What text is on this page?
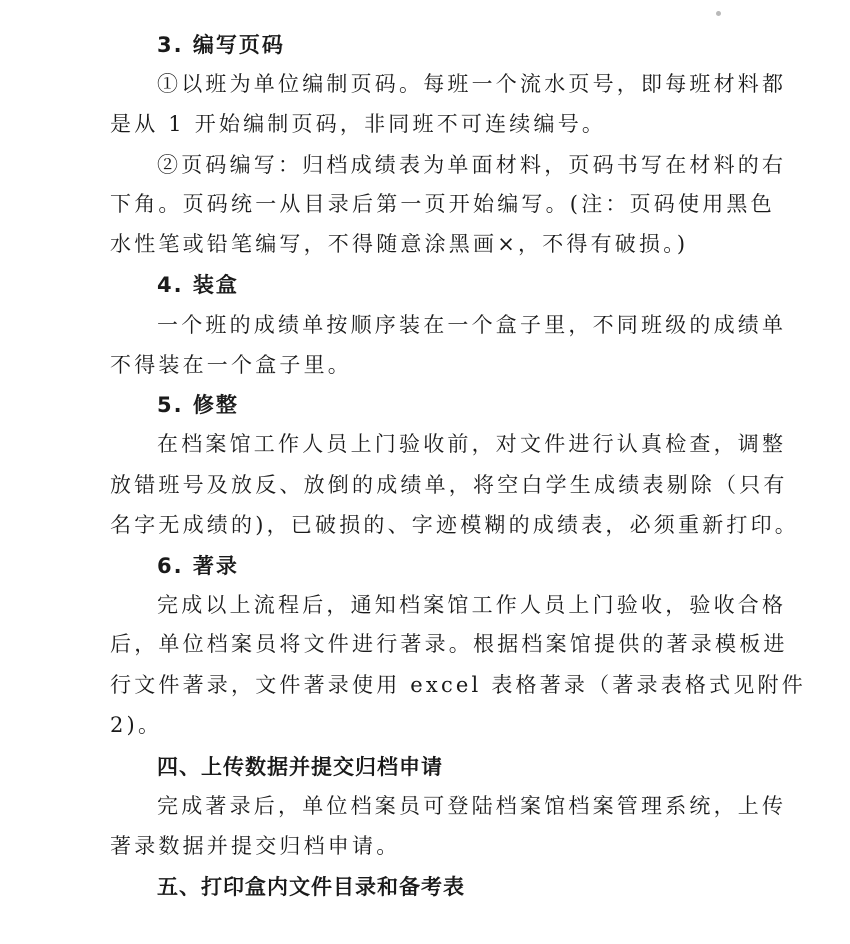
3. 编写页码
①以班为单位编制页码。每班一个流水页号，即每班材料都
是从 1 开始编制页码，非同班不可连续编号。
②页码编写：归档成绩表为单面材料，页码书写在材料的右
下角。页码统一从目录后第一页开始编写。(注：页码使用黑色
水性笔或铅笔编写，不得随意涂黑画×，不得有破损。)
4. 装盒
一个班的成绩单按顺序装在一个盒子里，不同班级的成绩单
不得装在一个盒子里。
5. 修整
在档案馆工作人员上门验收前，对文件进行认真检查，调整
放错班号及放反、放倒的成绩单，将空白学生成绩表剔除（只有
名字无成绩的)，已破损的、字迹模糊的成绩表，必须重新打印。
6. 著录
完成以上流程后，通知档案馆工作人员上门验收，验收合格
后，单位档案员将文件进行著录。根据档案馆提供的著录模板进
行文件著录，文件著录使用 excel 表格著录（著录表格式见附件
2)。
四、上传数据并提交归档申请
完成著录后，单位档案员可登陆档案馆档案管理系统，上传
著录数据并提交归档申请。
五、打印盒内文件目录和备考表
